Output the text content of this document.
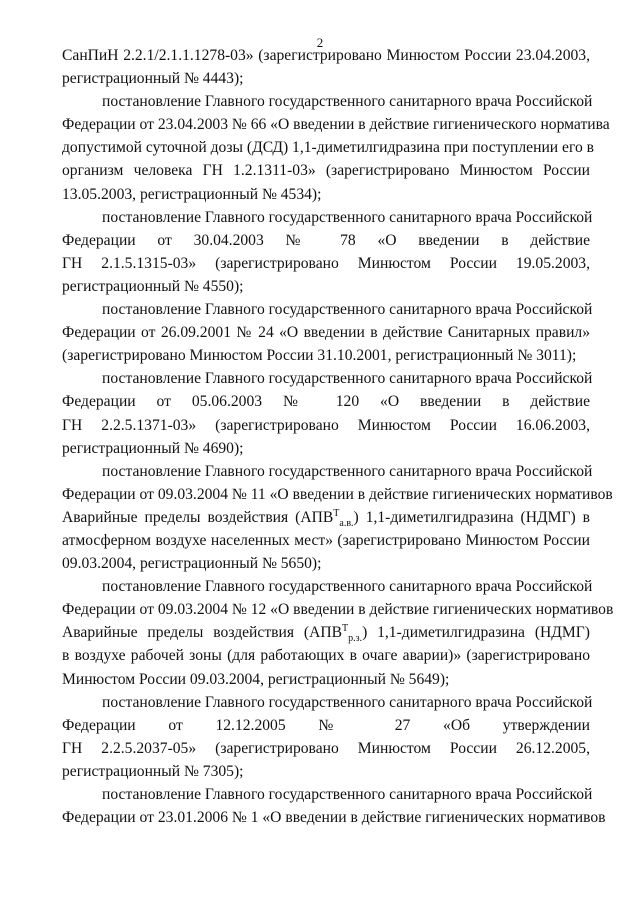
2
СанПиН 2.2.1/2.1.1.1278-03» (зарегистрировано Минюстом России 23.04.2003,
регистрационный № 4443);
постановление Главного государственного санитарного врача Российской
Федерации от 23.04.2003 № 66 «О введении в действие гигиенического норматива
допустимой суточной дозы (ДСД) 1,1-диметилгидразина при поступлении его в
организм человека ГН 1.2.1311-03» (зарегистрировано Минюстом России
13.05.2003, регистрационный № 4534);
постановление Главного государственного санитарного врача Российской
Федерации от 30.04.2003 № 78 «О введении в действие
ГН 2.1.5.1315-03» (зарегистрировано Минюстом России 19.05.2003,
регистрационный № 4550);
постановление Главного государственного санитарного врача Российской
Федерации от 26.09.2001 № 24 «О введении в действие Санитарных правил»
(зарегистрировано Минюстом России 31.10.2001, регистрационный № 3011);
постановление Главного государственного санитарного врача Российской
Федерации от 05.06.2003 № 120 «О введении в действие
ГН 2.2.5.1371-03» (зарегистрировано Минюстом России 16.06.2003,
регистрационный № 4690);
постановление Главного государственного санитарного врача Российской
Федерации от 09.03.2004 № 11 «О введении в действие гигиенических нормативов
Аварийные пределы воздействия $(АПВ^Т_{а.в.})$ 1,1-диметилгидразина (НДМГ) в
атмосферном воздухе населенных мест» (зарегистрировано Минюстом России
09.03.2004, регистрационный № 5650);
постановление Главного государственного санитарного врача Российской
Федерации от 09.03.2004 № 12 «О введении в действие гигиенических нормативов
Аварийные пределы воздействия $(АПВ^Т_{р.з.})$ 1,1-диметилгидразина (НДМГ)
в воздухе рабочей зоны (для работающих в очаге аварии)» (зарегистрировано
Минюстом России 09.03.2004, регистрационный № 5649);
постановление Главного государственного санитарного врача Российской
Федерации от 12.12.2005 № 27 «Об утверждении
ГН 2.2.5.2037-05» (зарегистрировано Минюстом России 26.12.2005,
регистрационный № 7305);
постановление Главного государственного санитарного врача Российской
Федерации от 23.01.2006 № 1 «О введении в действие гигиенических нормативов
